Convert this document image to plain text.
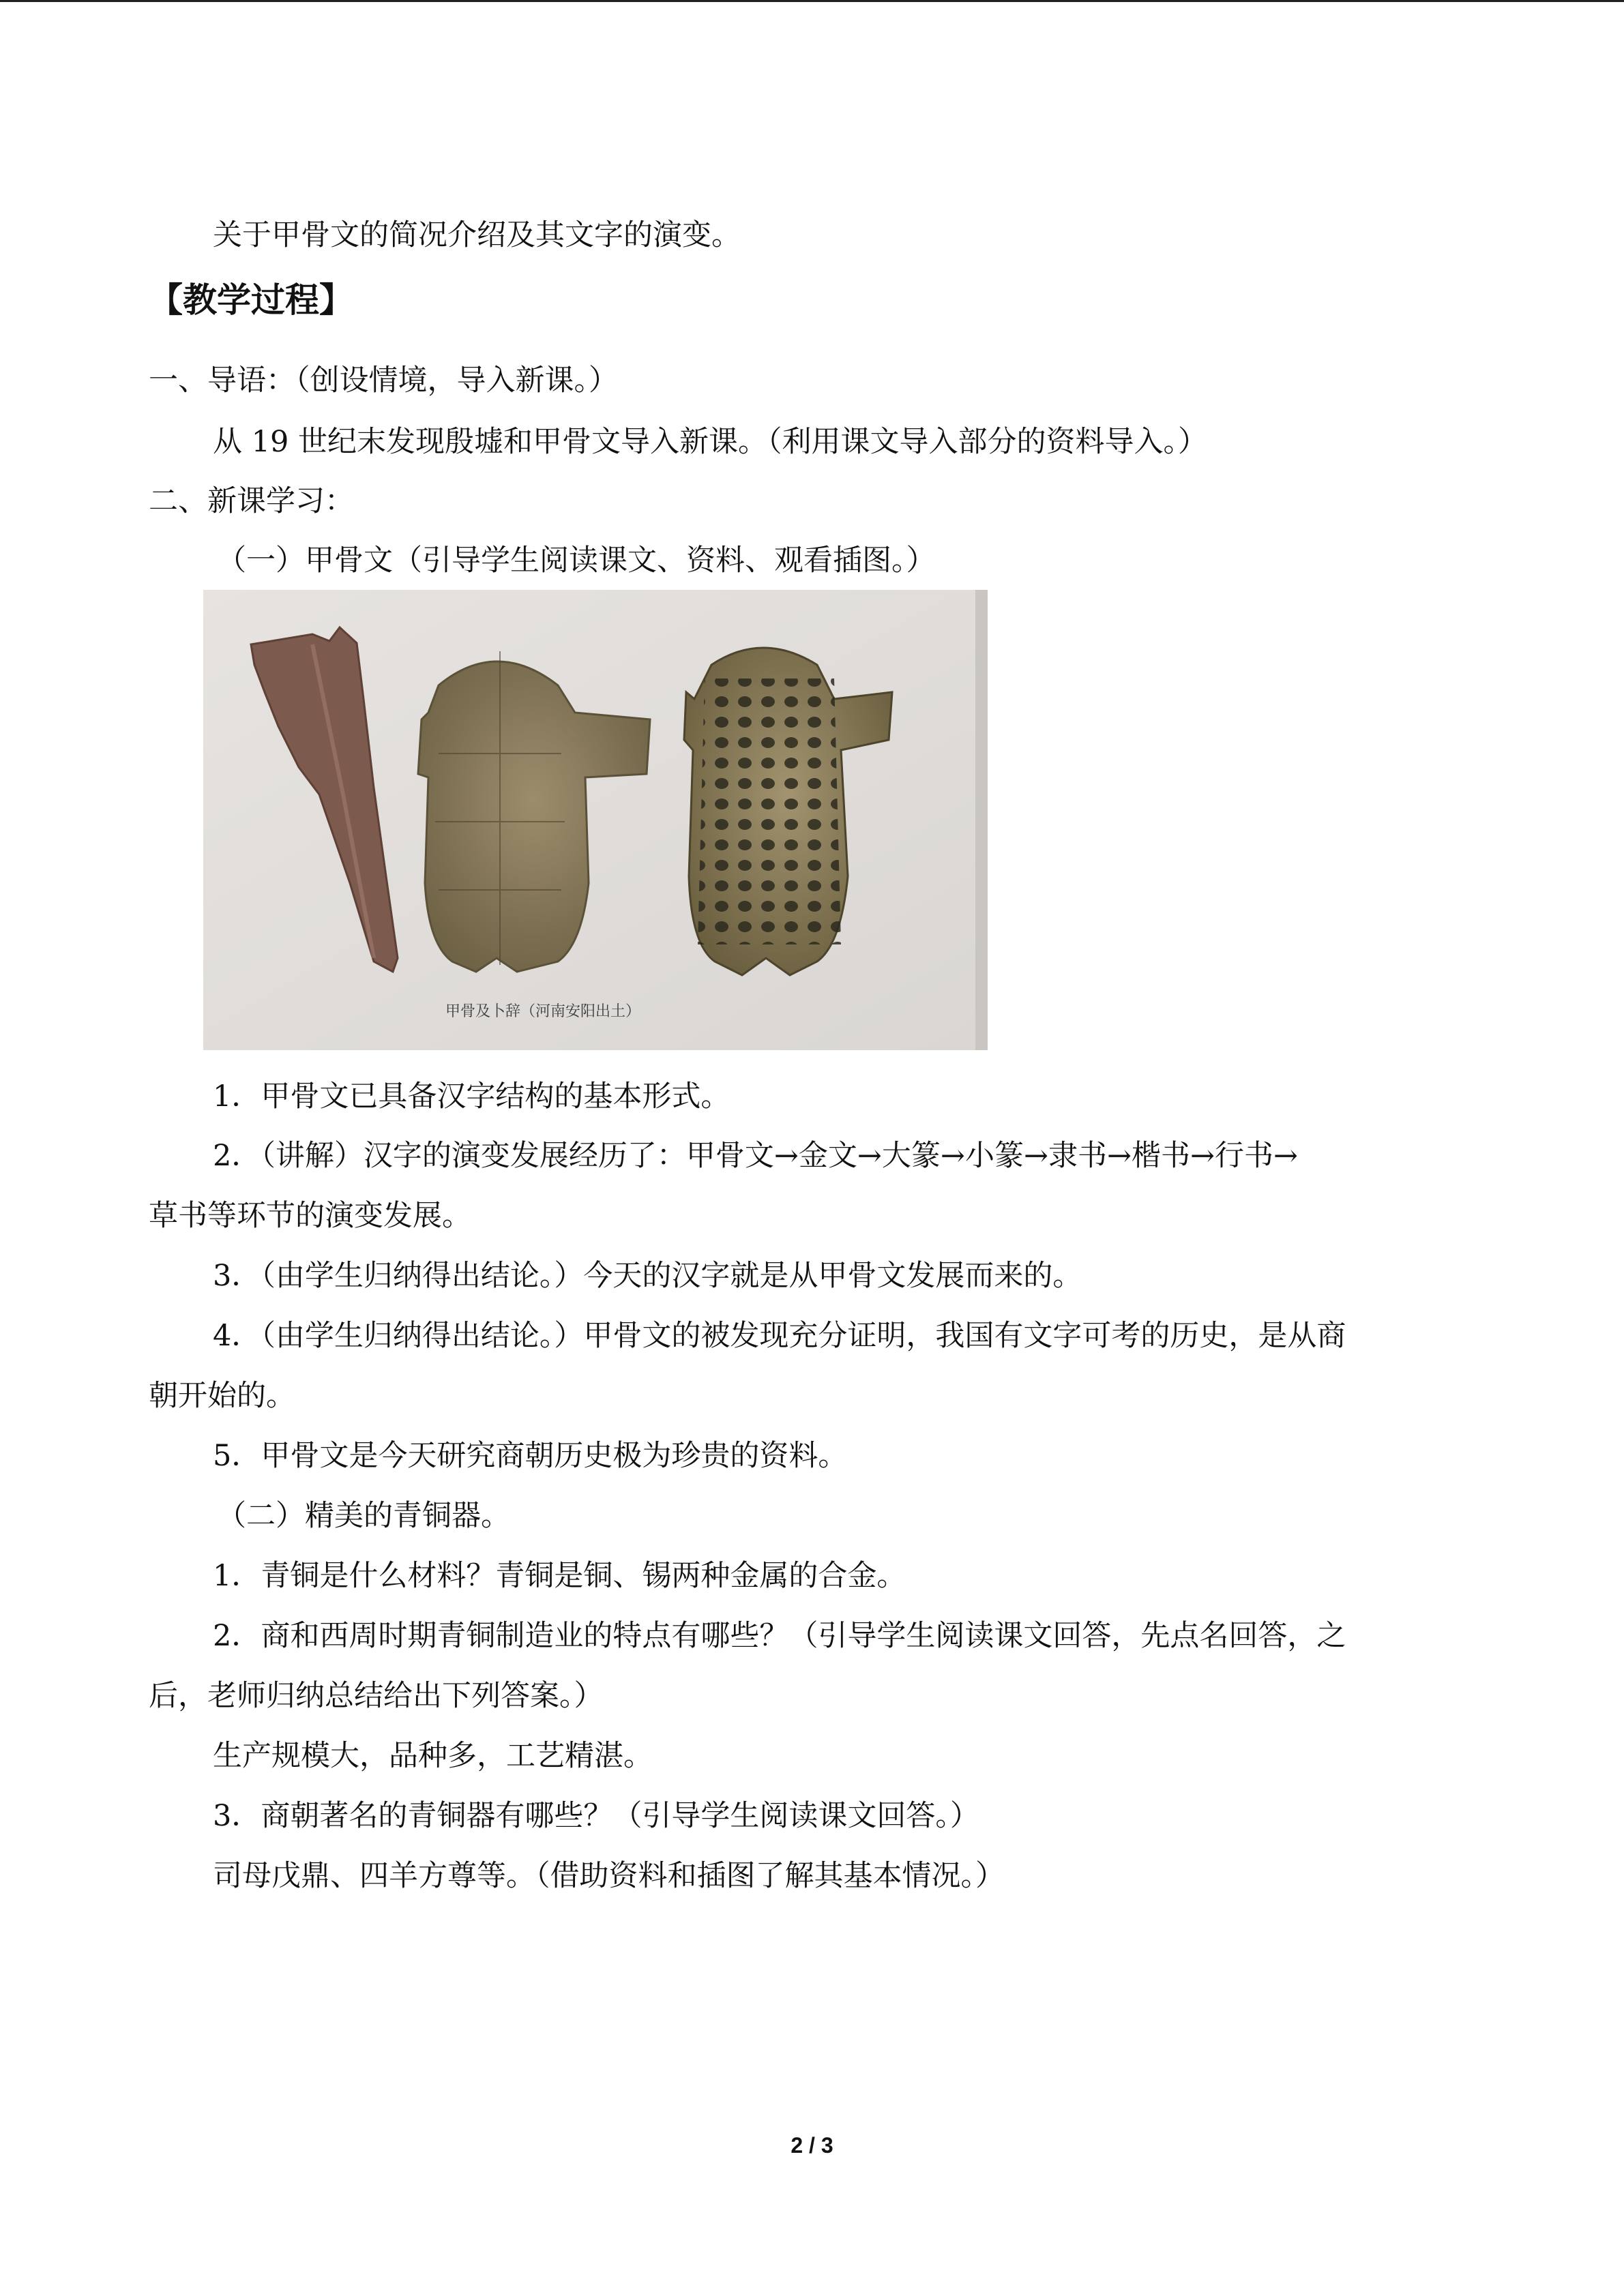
关于甲骨文的简况介绍及其文字的演变。
【教学过程】
一、导语：（创设情境，导入新课。）
从 19 世纪末发现殷墟和甲骨文导入新课。（利用课文导入部分的资料导入。）
二、新课学习：
（一）甲骨文（引导学生阅读课文、资料、观看插图。）
甲骨及卜辞（河南安阳出土）
1．甲骨文已具备汉字结构的基本形式。
2．（讲解）汉字的演变发展经历了：甲骨文→金文→大篆→小篆→隶书→楷书→行书→
草书等环节的演变发展。
3．（由学生归纳得出结论。）今天的汉字就是从甲骨文发展而来的。
4．（由学生归纳得出结论。）甲骨文的被发现充分证明，我国有文字可考的历史，是从商
朝开始的。
5．甲骨文是今天研究商朝历史极为珍贵的资料。
（二）精美的青铜器。
1．青铜是什么材料？青铜是铜、锡两种金属的合金。
2．商和西周时期青铜制造业的特点有哪些？（引导学生阅读课文回答，先点名回答，之
后，老师归纳总结给出下列答案。）
生产规模大，品种多，工艺精湛。
3．商朝著名的青铜器有哪些？（引导学生阅读课文回答。）
司母戊鼎、四羊方尊等。（借助资料和插图了解其基本情况。）
2 / 3
